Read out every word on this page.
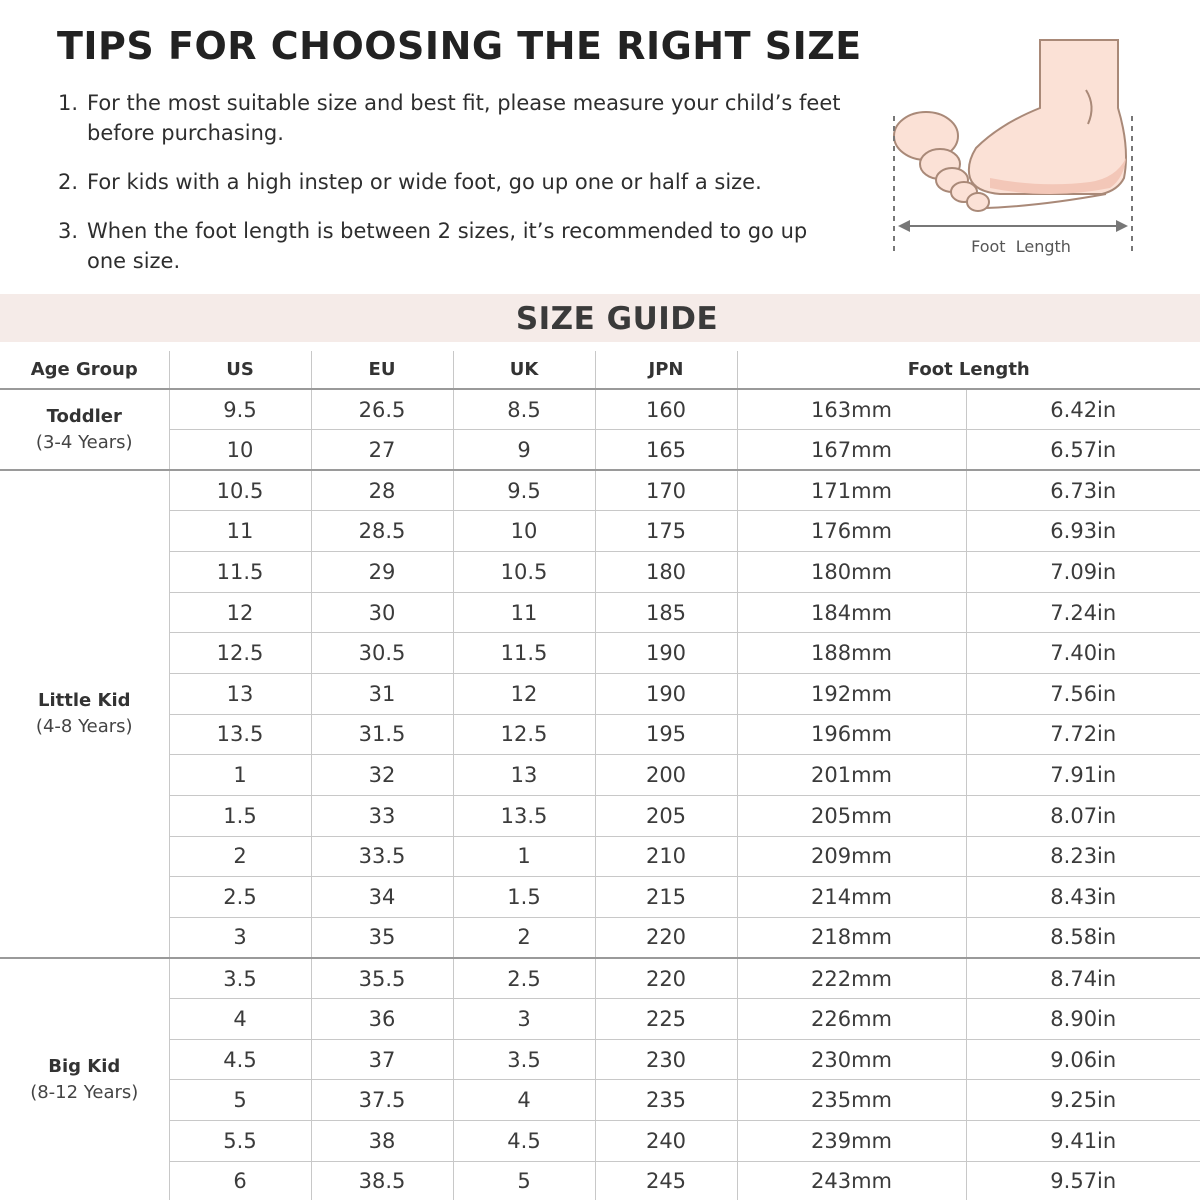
TIPS FOR CHOOSING THE RIGHT SIZE
1. For the most suitable size and best fit, please measure your child’s feet before purchasing.
2. For kids with a high instep or wide foot, go up one or half a size.
3. When the foot length is between 2 sizes, it’s recommended to go up one size.
Foot  Length
SIZE GUIDE
Age Group	US	EU	UK	JPN	Foot Length	

Toddler
(3-4 Years)	9.5	26.5	8.5	160	163mm	6.42in
	10	27	9	165	167mm	6.57in

Little Kid
(4-8 Years)	10.5	28	9.5	170	171mm	6.73in
	11	28.5	10	175	176mm	6.93in
	11.5	29	10.5	180	180mm	7.09in
	12	30	11	185	184mm	7.24in
	12.5	30.5	11.5	190	188mm	7.40in
	13	31	12	190	192mm	7.56in
	13.5	31.5	12.5	195	196mm	7.72in
	1	32	13	200	201mm	7.91in
	1.5	33	13.5	205	205mm	8.07in
	2	33.5	1	210	209mm	8.23in
	2.5	34	1.5	215	214mm	8.43in
	3	35	2	220	218mm	8.58in

Big Kid
(8-12 Years)	3.5	35.5	2.5	220	222mm	8.74in
	4	36	3	225	226mm	8.90in
	4.5	37	3.5	230	230mm	9.06in
	5	37.5	4	235	235mm	9.25in
	5.5	38	4.5	240	239mm	9.41in
	6	38.5	5	245	243mm	9.57in
